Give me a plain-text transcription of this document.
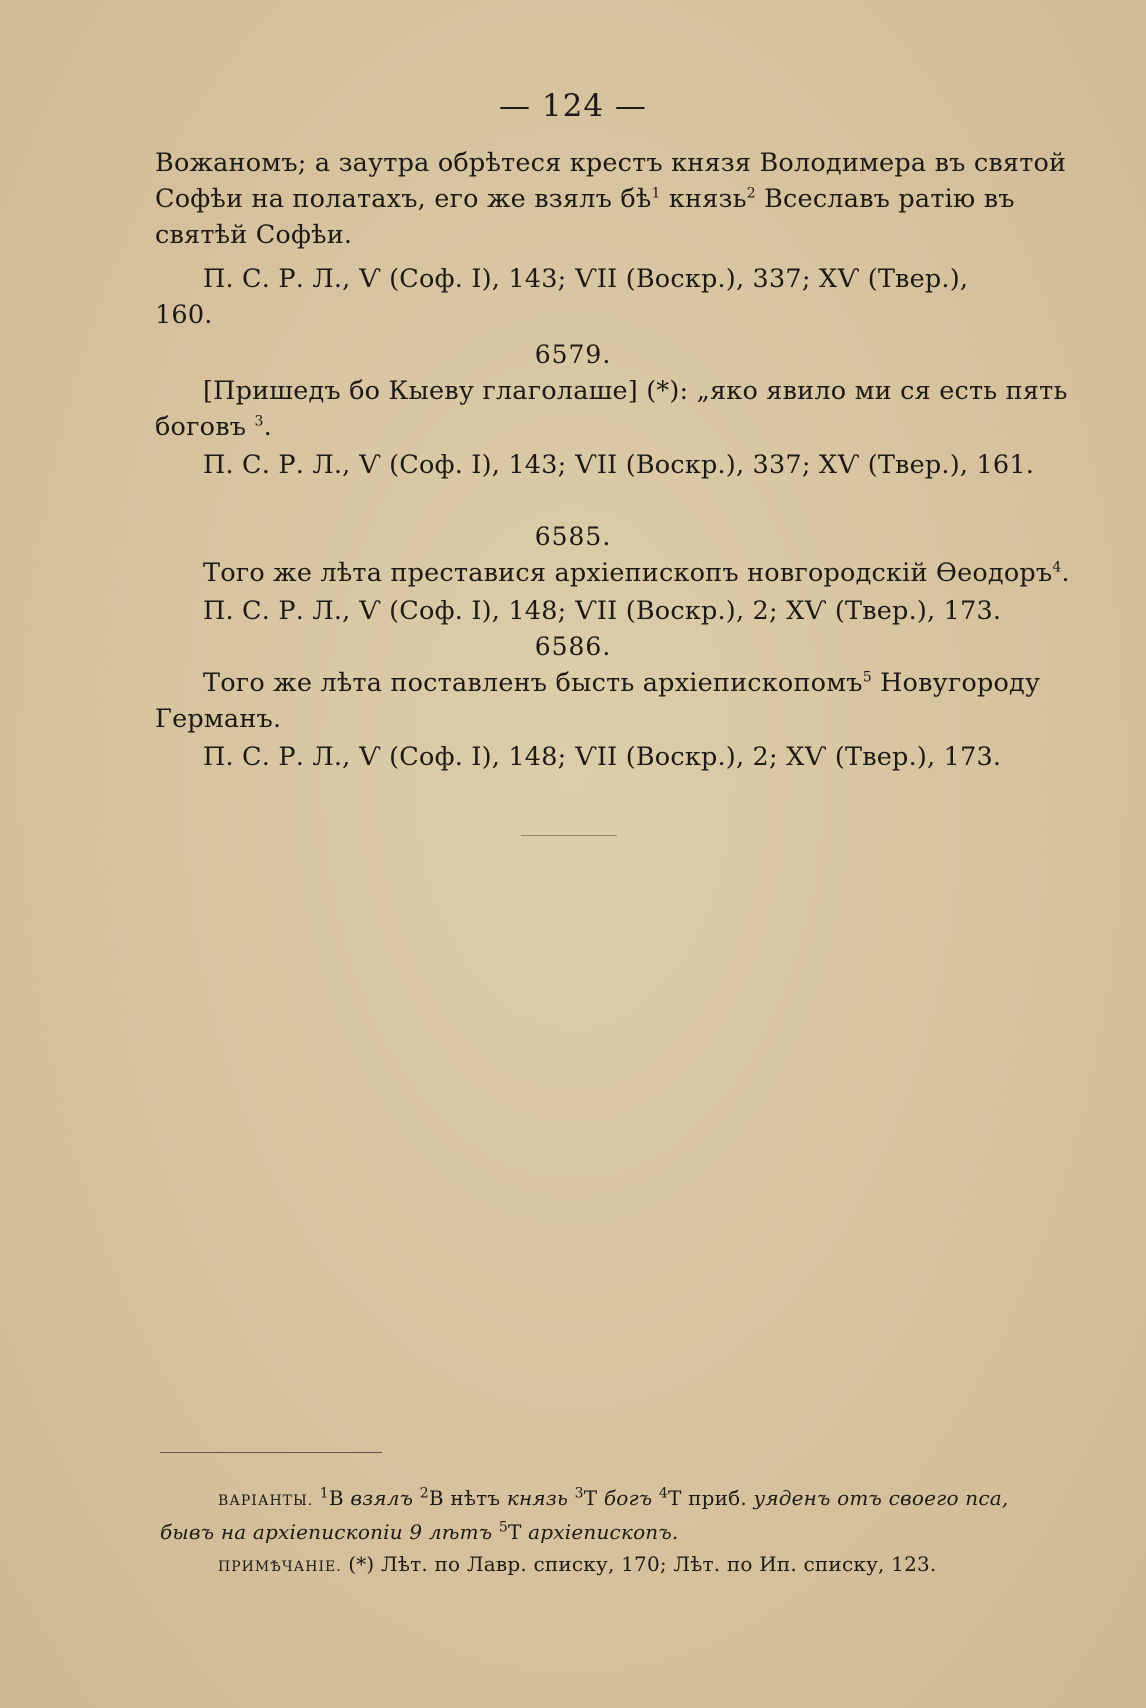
— 124 —
Вожаномъ; а заутра обрѣтеся крестъ князя Володимера въ святой
Софѣи на полатахъ, его же взялъ $бѣ^1$ князь$^2$ Всеславъ ратію въ
святѣй Софѣи.
П. С. Р. Л., Ѵ (Соф. I), 143; ѴII (Воскр.), 337; ХѴ (Твер.),
160.
6579.
[Пришедъ бо Кыеву глаголаше] (*): „яко явило ми ся есть пять
боговъ $^3$.
П. С. Р. Л., Ѵ (Соф. I), 143; ѴII (Воскр.), 337; ХѴ (Твер.), 161.
6585.
Того же лѣта преставися архіепископъ новгородскій Ѳеодоръ$^4$.
П. С. Р. Л., Ѵ (Соф. I), 148; ѴII (Воскр.), 2; ХѴ (Твер.), 173.
6586.
Того же лѣта поставленъ бысть архіепископомъ$^5$ Новугороду
Германъ.
П. С. Р. Л., Ѵ (Соф. I), 148; ѴII (Воскр.), 2; ХѴ (Твер.), 173.
ВАРІАНТЫ. $^1$В взялъ $^2$В нѣтъ князь $^3$Т богъ $^4$Т приб. уяденъ отъ своего пса,
бывъ на архіепископіи 9 лѣтъ $^5$Т архіепископъ.
ПРИМѢЧАНІЕ. (*) Лѣт. по Лавр. списку, 170; Лѣт. по Ип. списку, 123.
